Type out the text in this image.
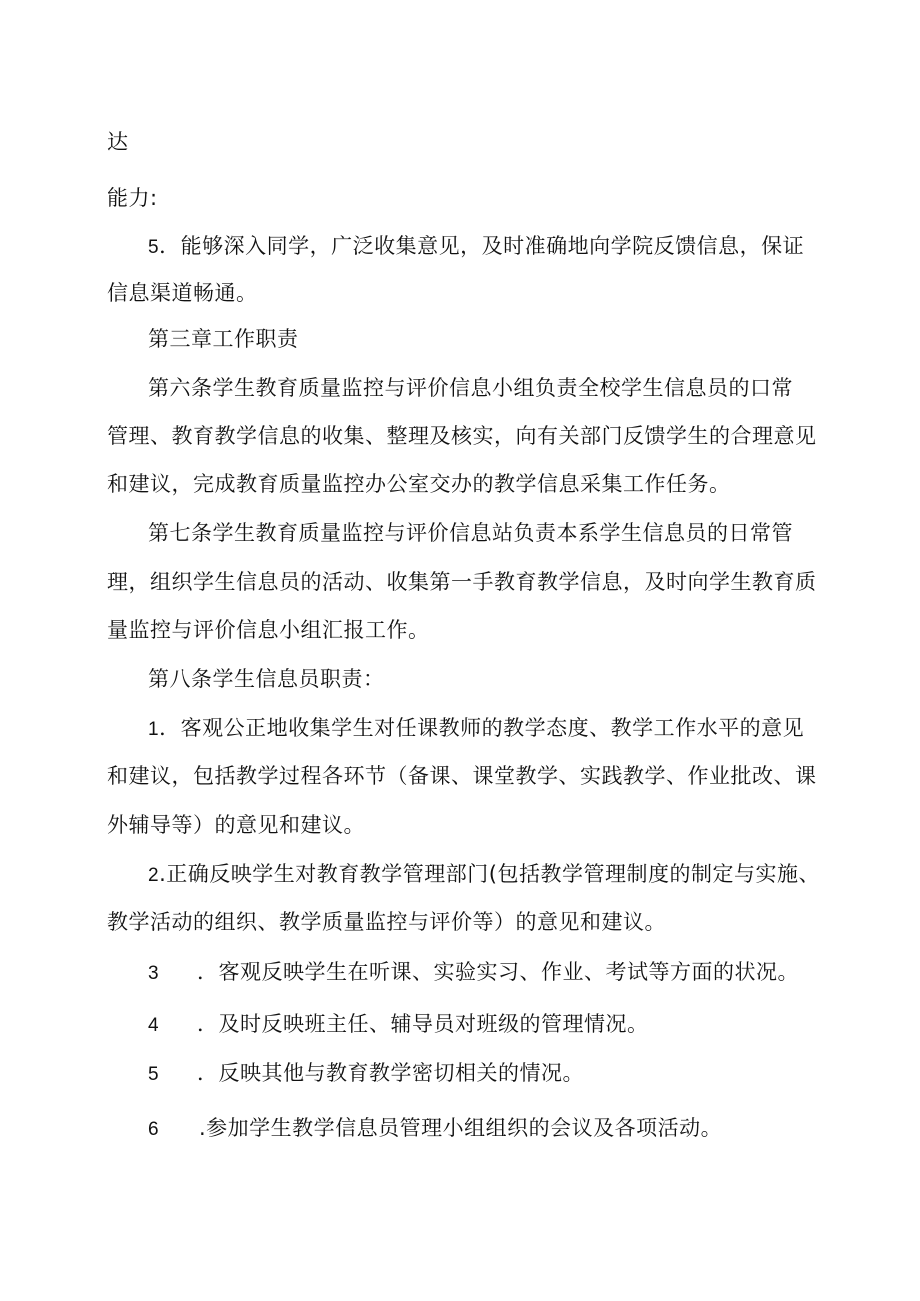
达
能力:
5．能够深入同学，广泛收集意见，及时准确地向学院反馈信息，保证
信息渠道畅通。
第三章工作职责
第六条学生教育质量监控与评价信息小组负责全校学生信息员的口常
管理、教育教学信息的收集、整理及核实，向有关部门反馈学生的合理意见
和建议，完成教育质量监控办公室交办的教学信息采集工作任务。
第七条学生教育质量监控与评价信息站负责本系学生信息员的日常管
理，组织学生信息员的活动、收集第一手教育教学信息，及时向学生教育质
量监控与评价信息小组汇报工作。
第八条学生信息员职责：
1．客观公正地收集学生对任课教师的教学态度、教学工作水平的意见
和建议，包括教学过程各环节（备课、课堂教学、实践教学、作业批改、课
外辅导等）的意见和建议。
2.正确反映学生对教育教学管理部门(包括教学管理制度的制定与实施、
教学活动的组织、教学质量监控与评价等）的意见和建议。
3 ．客观反映学生在听课、实验实习、作业、考试等方面的状况。
4 ．及时反映班主任、辅导员对班级的管理情况。
5 ．反映其他与教育教学密切相关的情况。
6 .参加学生教学信息员管理小组组织的会议及各项活动。
